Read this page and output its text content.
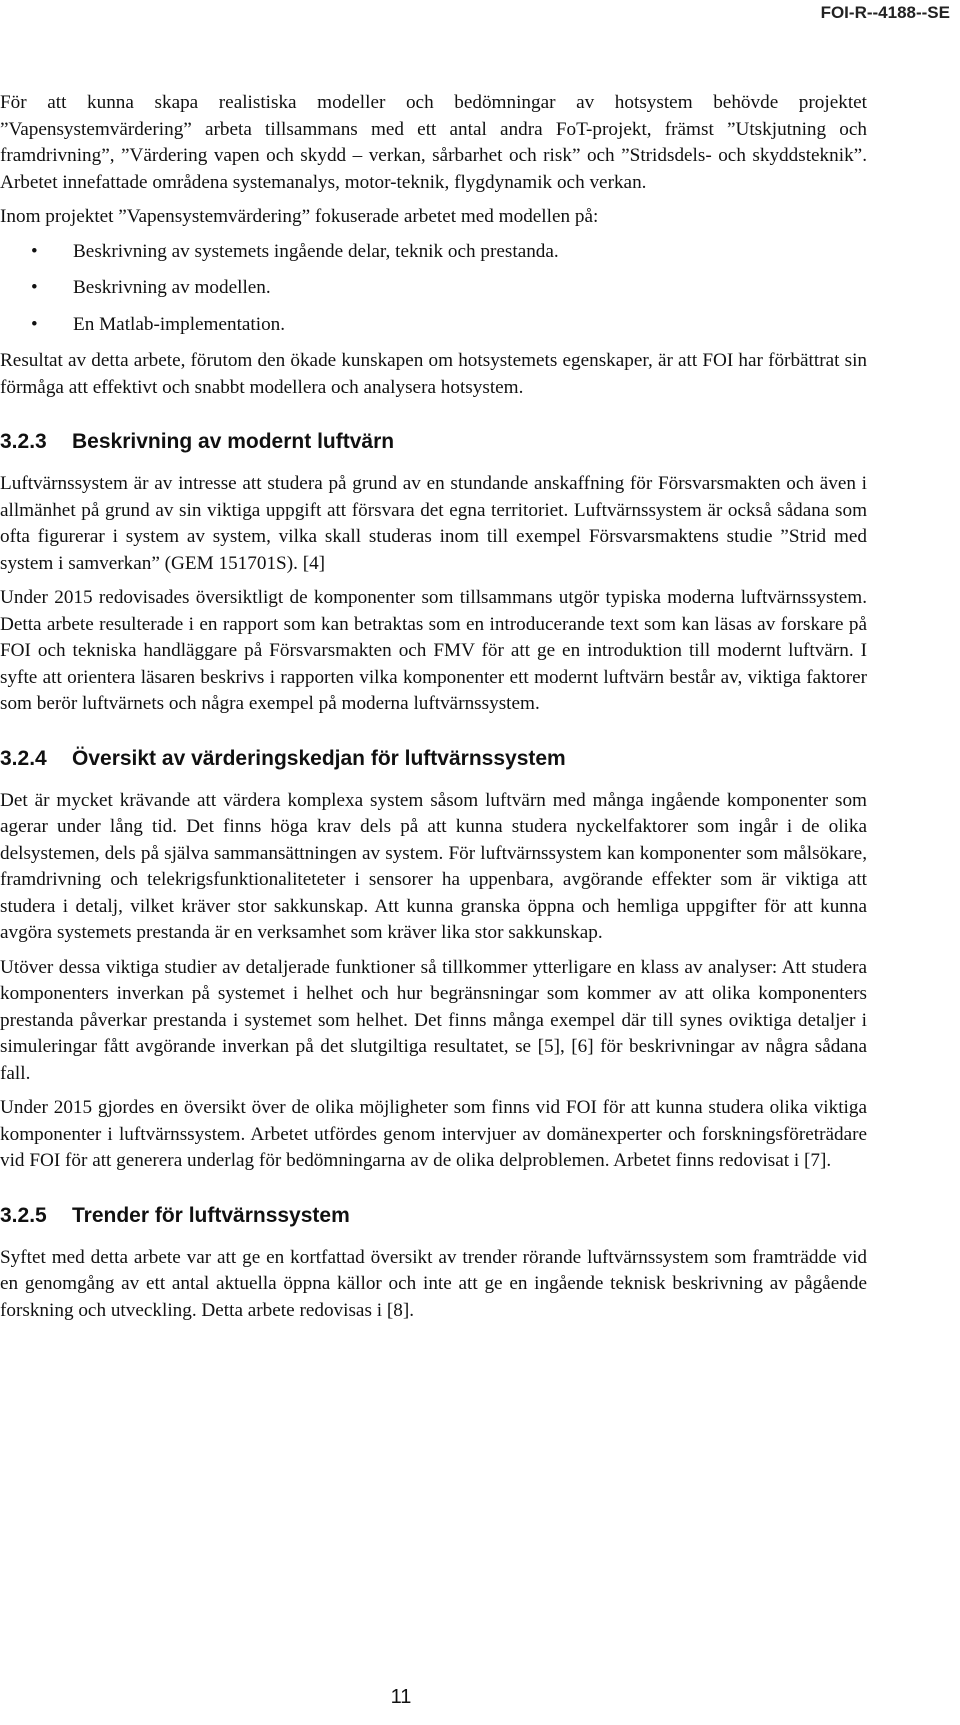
FOI-R--4188--SE

För att kunna skapa realistiska modeller och bedömningar av hotsystem behövde projektet ”Vapensystemvärdering” arbeta tillsammans med ett antal andra FoT-projekt, främst ”Utskjutning och framdrivning”, ”Värdering vapen och skydd – verkan, sårbarhet och risk” och ”Stridsdels- och skyddsteknik”. Arbetet innefattade områdena systemanalys, motor-teknik, flygdynamik och verkan.

Inom projektet ”Vapensystemvärdering” fokuserade arbetet med modellen på:

• Beskrivning av systemets ingående delar, teknik och prestanda.
• Beskrivning av modellen.
• En Matlab-implementation.

Resultat av detta arbete, förutom den ökade kunskapen om hotsystemets egenskaper, är att FOI har förbättrat sin förmåga att effektivt och snabbt modellera och analysera hotsystem.

3.2.3 Beskrivning av modernt luftvärn

Luftvärnssystem är av intresse att studera på grund av en stundande anskaffning för Försvarsmakten och även i allmänhet på grund av sin viktiga uppgift att försvara det egna territoriet. Luftvärnssystem är också sådana som ofta figurerar i system av system, vilka skall studeras inom till exempel Försvarsmaktens studie ”Strid med system i samverkan” (GEM 151701S). [4]

Under 2015 redovisades översiktligt de komponenter som tillsammans utgör typiska moderna luftvärnssystem. Detta arbete resulterade i en rapport som kan betraktas som en introducerande text som kan läsas av forskare på FOI och tekniska handläggare på Försvarsmakten och FMV för att ge en introduktion till modernt luftvärn. I syfte att orientera läsaren beskrivs i rapporten vilka komponenter ett modernt luftvärn består av, viktiga faktorer som berör luftvärnets och några exempel på moderna luftvärnssystem.

3.2.4 Översikt av värderingskedjan för luftvärnssystem

Det är mycket krävande att värdera komplexa system såsom luftvärn med många ingående komponenter som agerar under lång tid. Det finns höga krav dels på att kunna studera nyckelfaktorer som ingår i de olika delsystemen, dels på själva sammansättningen av system. För luftvärnssystem kan komponenter som målsökare, framdrivning och telekrigsfunktionaliteteter i sensorer ha uppenbara, avgörande effekter som är viktiga att studera i detalj, vilket kräver stor sakkunskap. Att kunna granska öppna och hemliga uppgifter för att kunna avgöra systemets prestanda är en verksamhet som kräver lika stor sakkunskap.

Utöver dessa viktiga studier av detaljerade funktioner så tillkommer ytterligare en klass av analyser: Att studera komponenters inverkan på systemet i helhet och hur begränsningar som kommer av att olika komponenters prestanda påverkar prestanda i systemet som helhet. Det finns många exempel där till synes oviktiga detaljer i simuleringar fått avgörande inverkan på det slutgiltiga resultatet, se [5], [6] för beskrivningar av några sådana fall.

Under 2015 gjordes en översikt över de olika möjligheter som finns vid FOI för att kunna studera olika viktiga komponenter i luftvärnssystem. Arbetet utfördes genom intervjuer av domänexperter och forskningsföreträdare vid FOI för att generera underlag för bedömningarna av de olika delproblemen. Arbetet finns redovisat i [7].

3.2.5 Trender för luftvärnssystem

Syftet med detta arbete var att ge en kortfattad översikt av trender rörande luftvärnssystem som framträdde vid en genomgång av ett antal aktuella öppna källor och inte att ge en ingående teknisk beskrivning av pågående forskning och utveckling. Detta arbete redovisas i [8].

11
